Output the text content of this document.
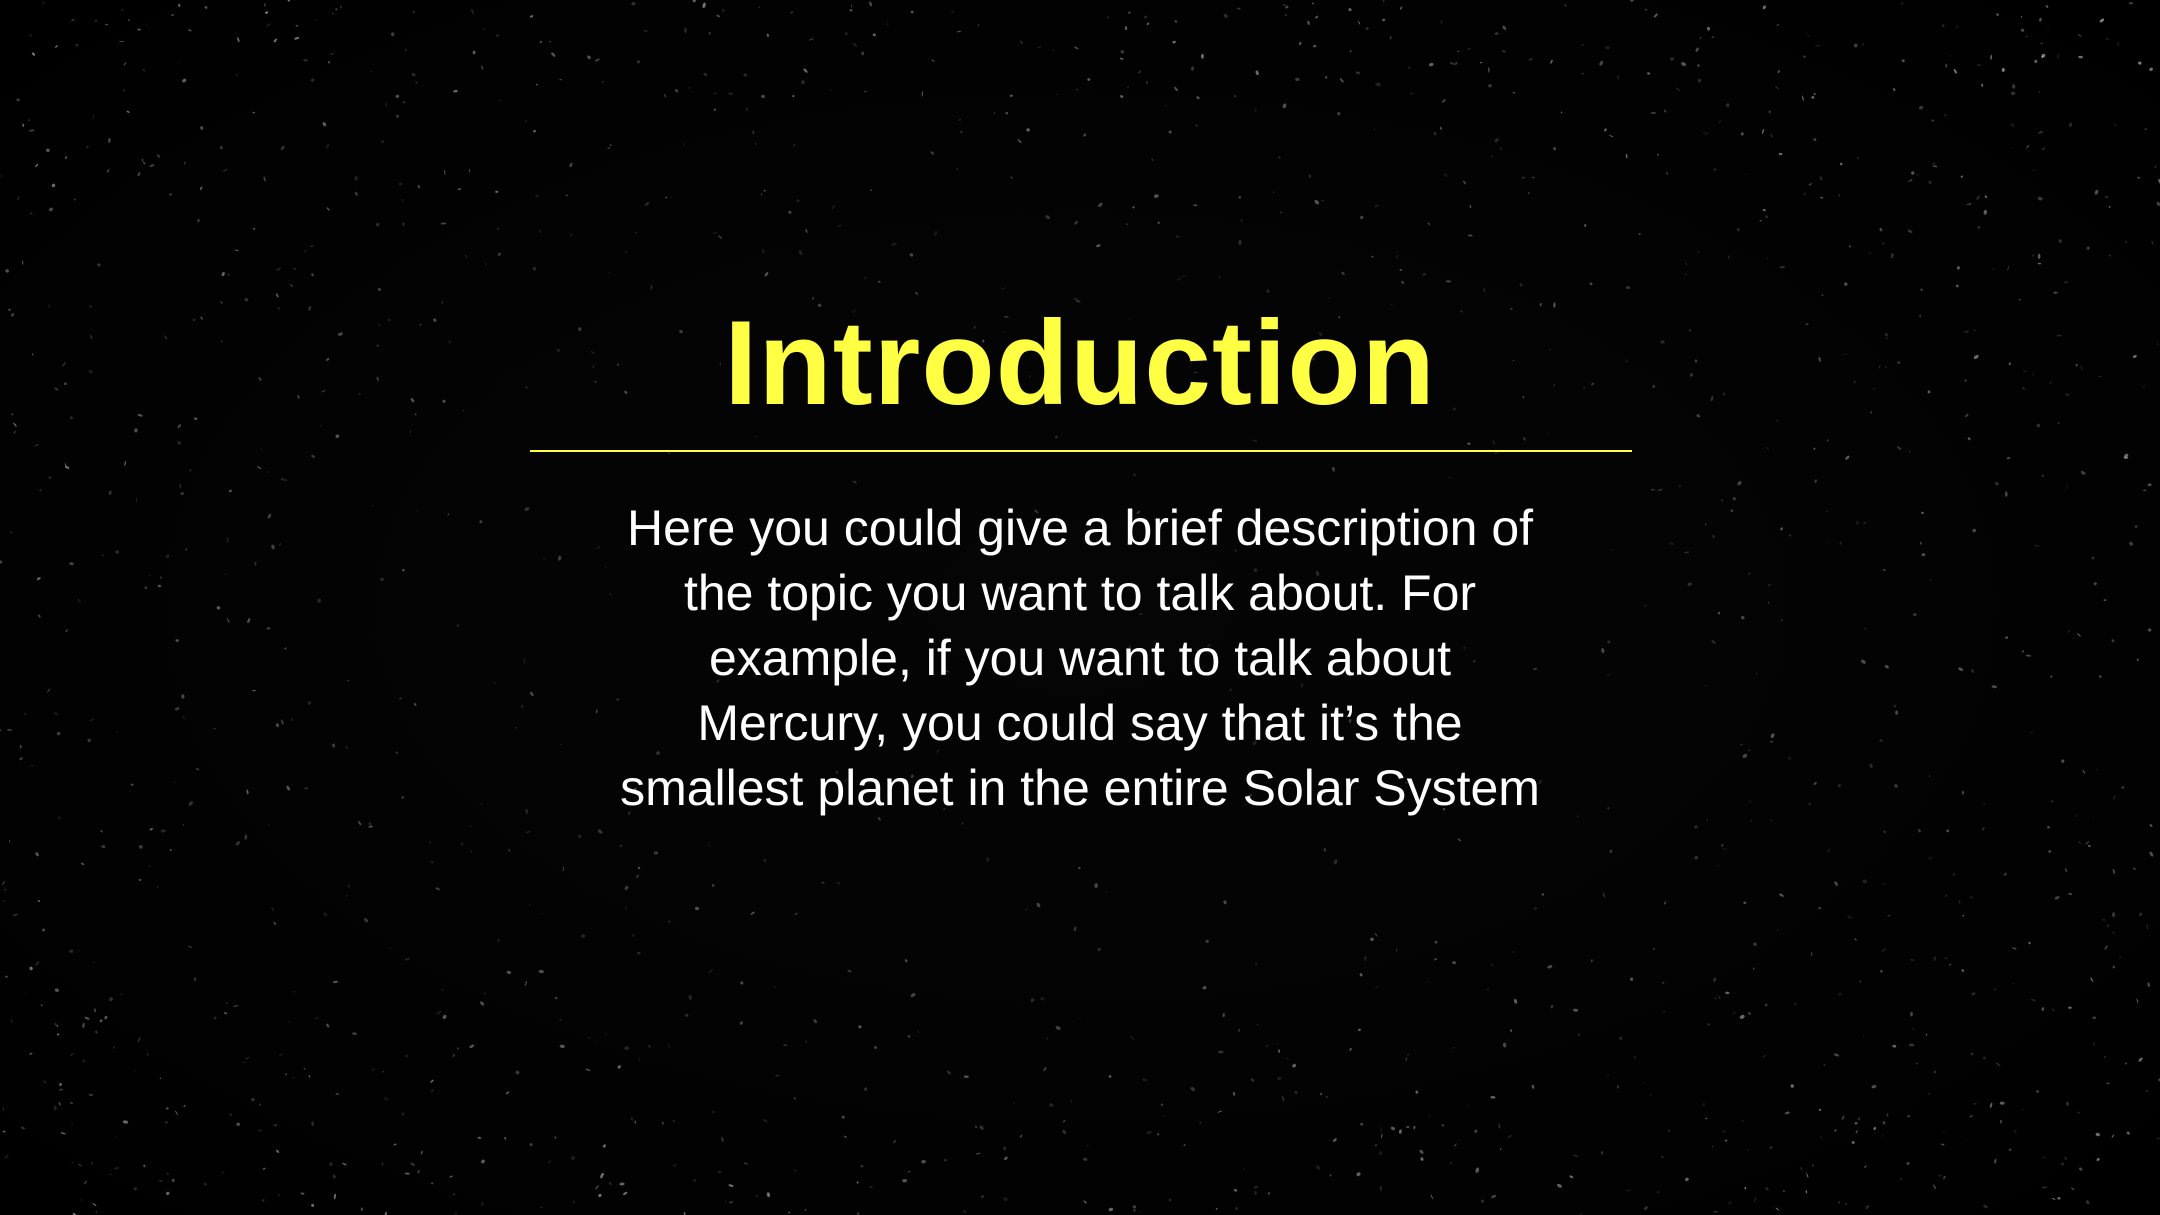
Introduction
Here you could give a brief description of
the topic you want to talk about. For
example, if you want to talk about
Mercury, you could say that it’s the
smallest planet in the entire Solar System
